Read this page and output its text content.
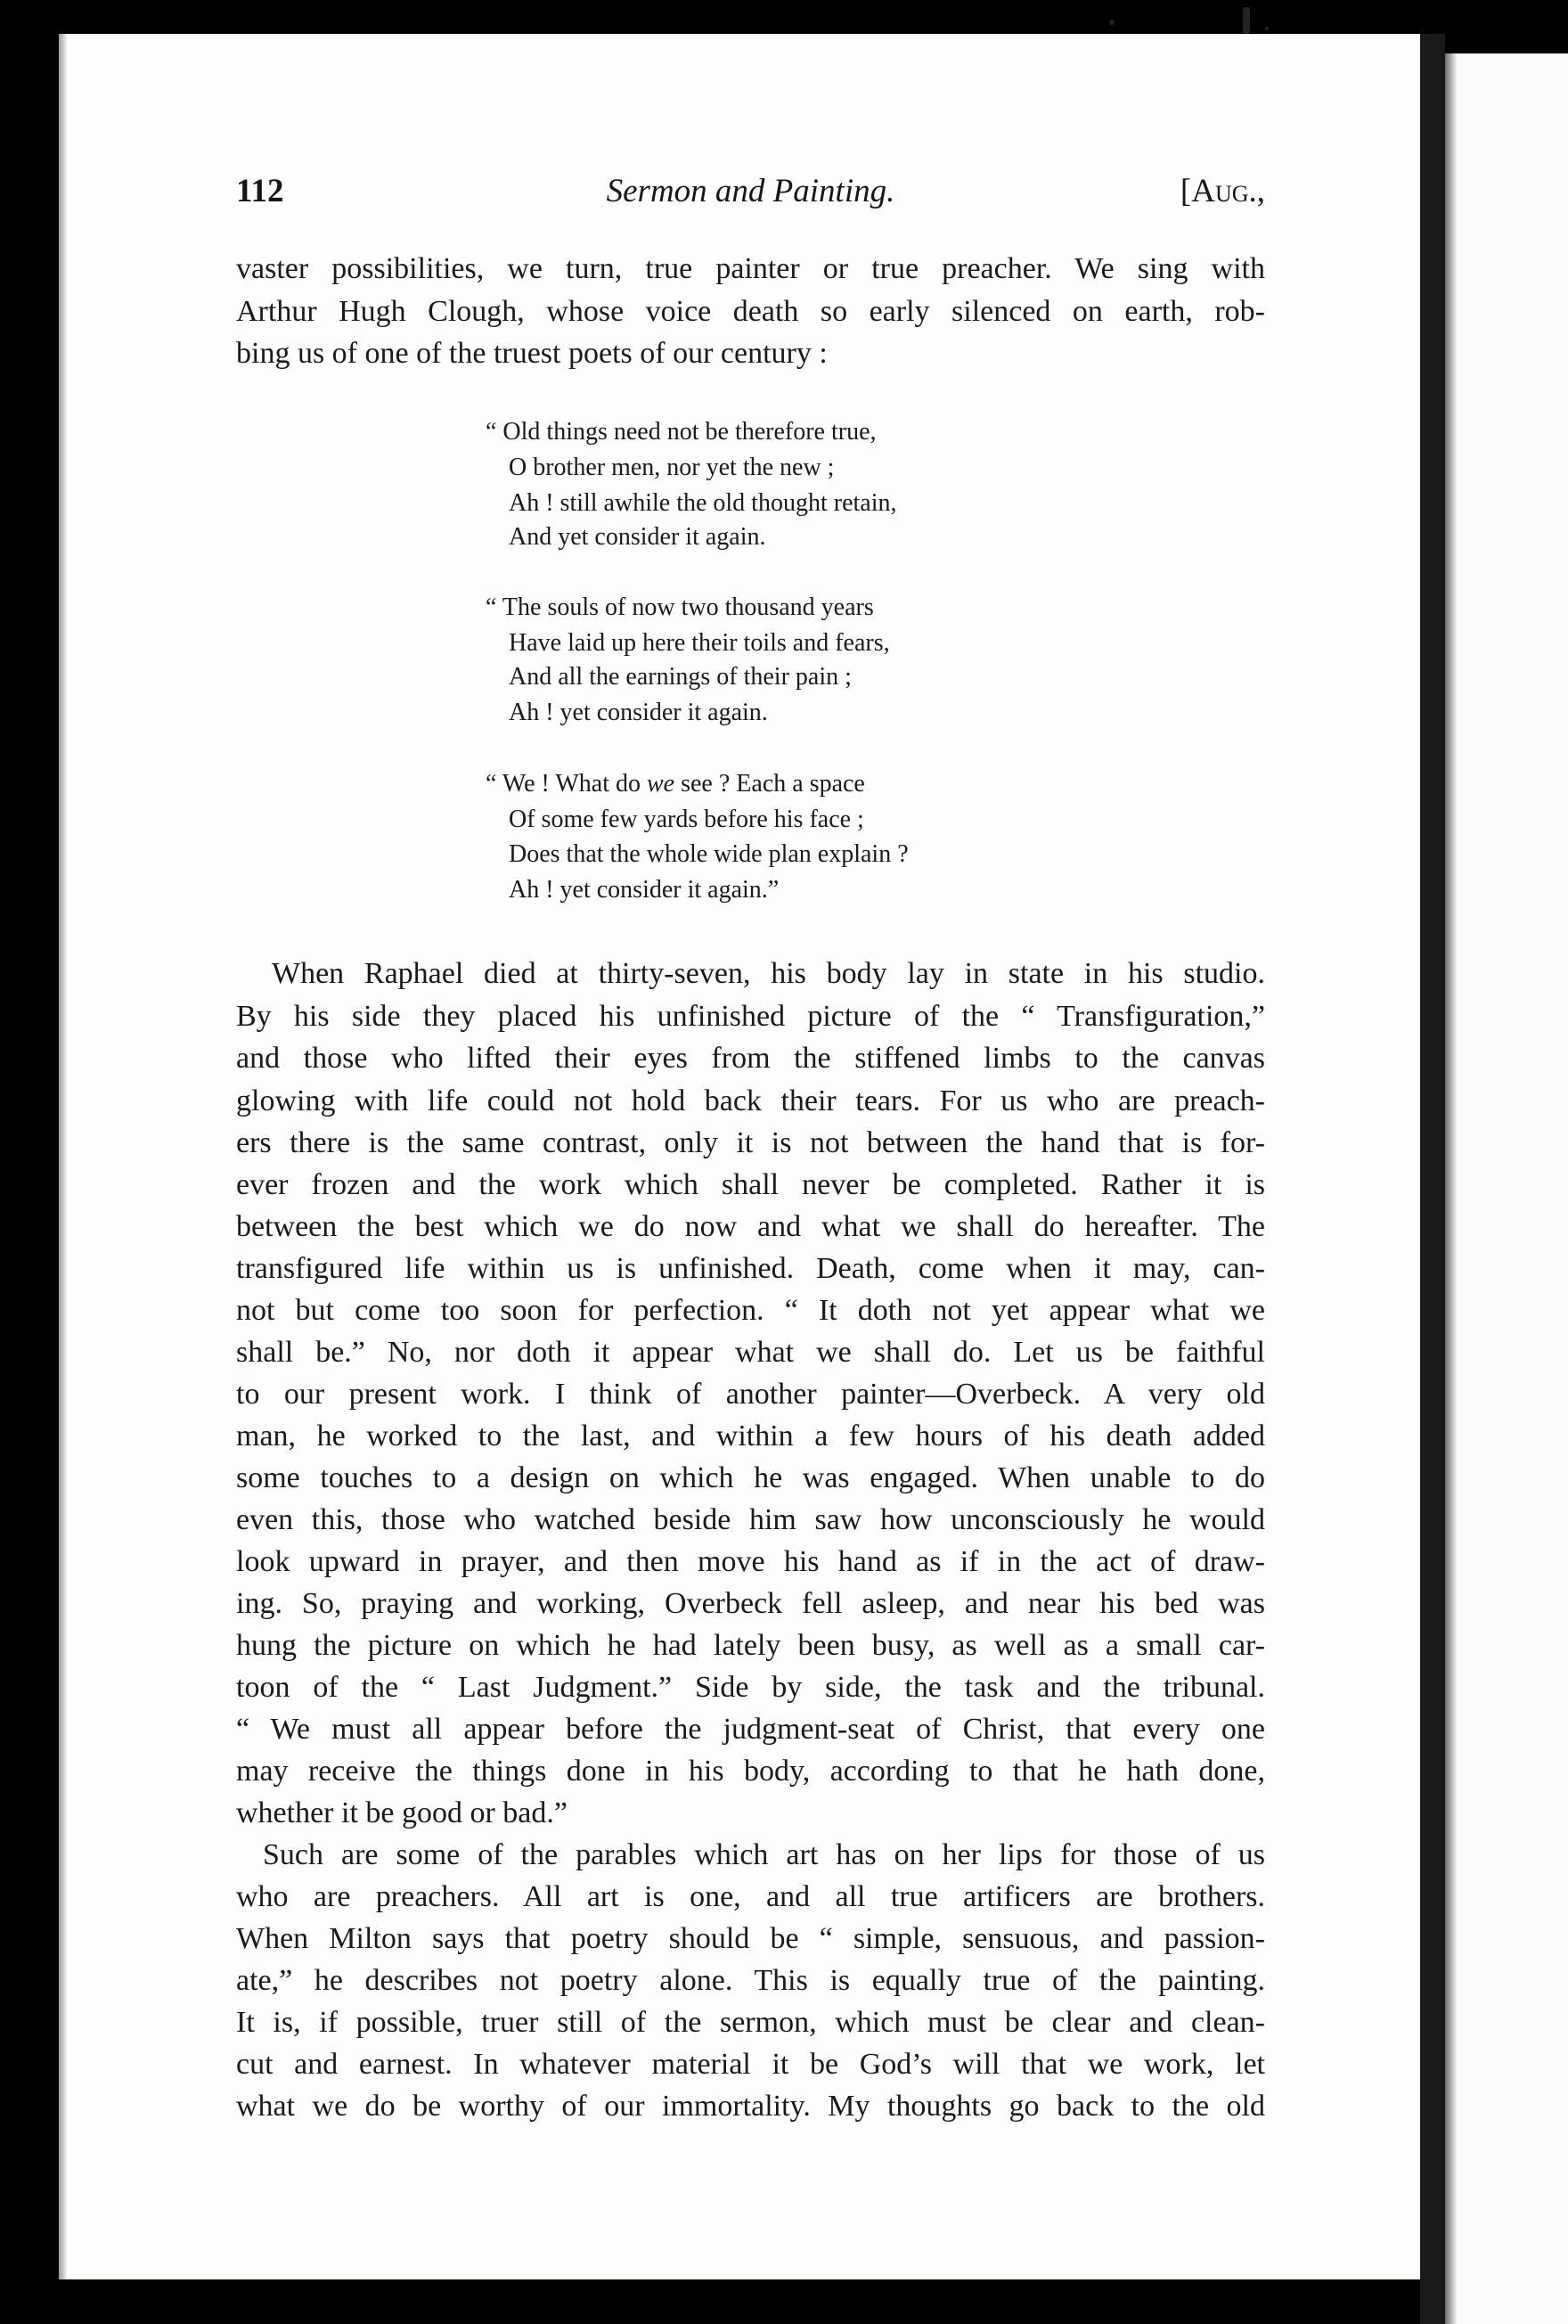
112	Sermon and Painting.	[Aug.,
vaster possibilities, we turn, true painter or true preacher. We sing with
Arthur Hugh Clough, whose voice death so early silenced on earth, rob-
bing us of one of the truest poets of our century :
“ Old things need not be therefore true,
O brother men, nor yet the new ;
Ah ! still awhile the old thought retain,
And yet consider it again.
“ The souls of now two thousand years
Have laid up here their toils and fears,
And all the earnings of their pain ;
Ah ! yet consider it again.
“ We ! What do we see ? Each a space
Of some few yards before his face ;
Does that the whole wide plan explain ?
Ah ! yet consider it again.”
When Raphael died at thirty-seven, his body lay in state in his studio.
By his side they placed his unfinished picture of the “ Transfiguration,”
and those who lifted their eyes from the stiffened limbs to the canvas
glowing with life could not hold back their tears. For us who are preach-
ers there is the same contrast, only it is not between the hand that is for-
ever frozen and the work which shall never be completed. Rather it is
between the best which we do now and what we shall do hereafter. The
transfigured life within us is unfinished. Death, come when it may, can-
not but come too soon for perfection. “ It doth not yet appear what we
shall be.” No, nor doth it appear what we shall do. Let us be faithful
to our present work. I think of another painter—Overbeck. A very old
man, he worked to the last, and within a few hours of his death added
some touches to a design on which he was engaged. When unable to do
even this, those who watched beside him saw how unconsciously he would
look upward in prayer, and then move his hand as if in the act of draw-
ing. So, praying and working, Overbeck fell asleep, and near his bed was
hung the picture on which he had lately been busy, as well as a small car-
toon of the “ Last Judgment.” Side by side, the task and the tribunal.
“ We must all appear before the judgment-seat of Christ, that every one
may receive the things done in his body, according to that he hath done,
whether it be good or bad.”
Such are some of the parables which art has on her lips for those of us
who are preachers. All art is one, and all true artificers are brothers.
When Milton says that poetry should be “ simple, sensuous, and passion-
ate,” he describes not poetry alone. This is equally true of the painting.
It is, if possible, truer still of the sermon, which must be clear and clean-
cut and earnest. In whatever material it be God’s will that we work, let
what we do be worthy of our immortality. My thoughts go back to the old
